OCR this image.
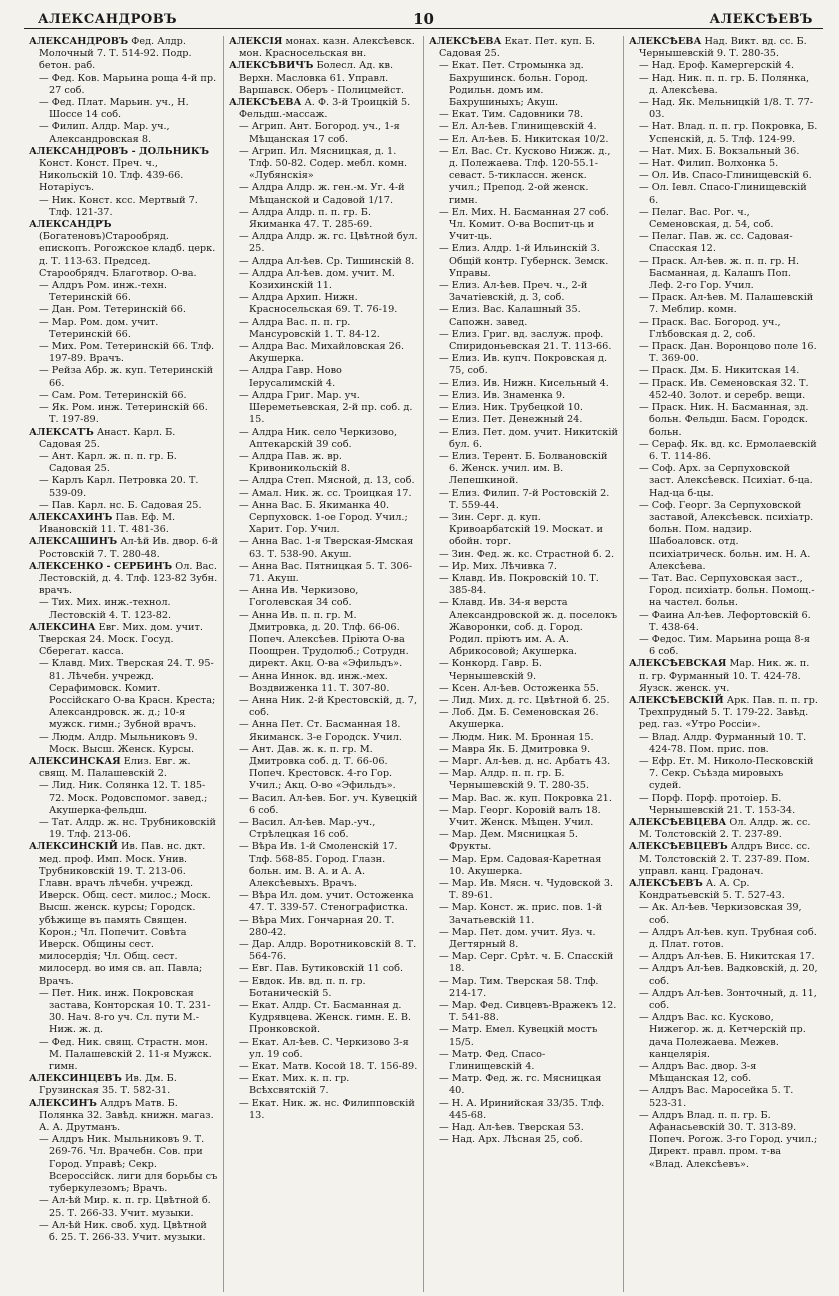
АЛЕКСАНДРОВЪ	10	АЛЕКСѢЕВЪ

АЛЕКСАНДРОВЪ Фед. Алдр. Молочный 7. Т. 514-92. Подр. бетон. раб.

— Фед. Ков. Марьина роща 4-й пр. 27 соб.

— Фед. Плат. Марьин. уч., Н. Шоссе 14 соб.

— Филип. Алдр. Мар. уч., Александровская 8.

АЛЕКСАНДРОВЪ - ДОЛЬНИКЪ Конст. Конст. Преч. ч., Никольскій 10. Тлф. 439-66. Нотаріусъ.

— Ник. Конст. ксс. Мертвый 7. Тлф. 121-37.

АЛЕКСАНДРЪ (Богатеновъ)Старообряд. епископъ. Рогожское кладб. церк. д. Т. 113-63. Председ. Старообрядч. Благотвор. О-ва.

— Алдръ Ром. инж.-техн. Тетеринскій 66.

— Дан. Ром. Тетеринскій 66.

— Мар. Ром. дом. учит. Тетеринскій 66.

— Мих. Ром. Тетеринскій 66. Тлф. 197-89. Врачъ.

— Рейза Абр. ж. куп. Тетеринскій 66.

— Сам. Ром. Тетеринскій 66.

— Як. Ром. инж. Тетеринскій 66. Т. 197-89.

АЛЕКСАТЪ Анаст. Карл. Б. Садовая 25.

— Ант. Карл. ж. п. п. гр. Б. Садовая 25.

— Карлъ Карл. Петровка 20. Т. 539-09.

— Пав. Карл. нс. Б. Садовая 25.

АЛЕКСАХИНЪ Пав. Еф. М. Ивановскій 11. Т. 481-36.

АЛЕКСАШИНЪ Ал-ѣй Ив. двор. 6-й Ростовскій 7. Т. 280-48.

АЛЕКСЕНКО - СЕРБИНЪ Ол. Вас. Лестовскій, д. 4. Тлф. 123-82 Зубн. врачъ.

— Тих. Мих. инж.-технол. Лестовскій 4. Т. 123-82.

АЛЕКСИНА Евг. Мих. дом. учит. Тверская 24. Моск. Госуд. Сберегат. касса.

— Клавд. Мих. Тверская 24. Т. 95-81. Лѣчебн. учрежд. Серафимовск. Комит. Россійскаго О-ва Красн. Креста; Александровск. ж. д.; 10-я мужск. гимн.; Зубной врачъ.

— Людм. Алдр. Мыльниковъ 9. Моск. Высш. Женск. Курсы.

АЛЕКСИНСКАЯ Елиз. Евг. ж. свящ. М. Палашевскій 2.

— Лид. Ник. Солянка 12. Т. 185-72. Моск. Родовспомог. завед.; Акушерка-фельдш.

— Тат. Алдр. ж. нс. Трубниковскій 19. Тлф. 213-06.

АЛЕКСИНСКІЙ Ив. Пав. нс. дкт. мед. проф. Имп. Моск. Унив. Трубниковскій 19. Т. 213-06. Главн. врачъ лѣчебн. учрежд. Иверск. Общ. сест. милос.; Моск. Высш. женск. курсы; Городск. убѣжище въ память Священ. Корон.; Чл. Попечит. Совѣта Иверск. Общины сест. милосердія; Чл. Общ. сест. милосерд. во имя св. ап. Павла; Врачъ.

— Пет. Ник. инж. Покровская застава, Конторская 10. Т. 231-30. Нач. 8-го уч. Сл. пути М.-Ниж. ж. д.

— Фед. Ник. свящ. Страстн. мон. М. Палашевскій 2. 11-я Мужск. гимн.

АЛЕКСИНЦЕВЪ Ив. Дм. Б. Грузинская 35. Т. 582-31.

АЛЕКСИНЪ Алдръ Матв. Б. Полянка 32. Завѣд. книжн. магаз. А. А. Друтманъ.

— Алдръ Ник. Мыльниковъ 9. Т. 269-76. Чл. Врачебн. Сов. при Город. Управѣ; Секр. Всероссійск. лиги для борьбы съ туберкулезомъ; Врачъ.

— Ал-ѣй Мир. к. п. гр. Цвѣтной б. 25. Т. 266-33. Учит. музыки.

— Ал-ѣй Ник. своб. худ. Цвѣтной б. 25. Т. 266-33. Учит. музыки.

АЛЕКСІЯ монах. казн. Алексѣевск. мон. Красносельская вн.

АЛЕКСѢВИЧЪ Болесл. Ад. кв. Верхн. Масловка 61. Управл. Варшавск. Оберъ - Полицмейст.

АЛЕКСѢЕВА А. Ф. 3-й Троицкій 5. Фельдш.-массаж.

— Агрип. Ант. Богород. уч., 1-я Мѣщанская 17 соб.

— Агрип. Ил. Мясницкая, д. 1. Тлф. 50-82. Содер. мебл. комн. «Лубянскія»

— Алдра Алдр. ж. ген.-м. Уг. 4-й Мѣщанской и Садовой 1/17.

— Алдра Алдр. п. п. гр. Б. Якиманка 47. Т. 285-69.

— Алдра Алдр. ж. гс. Цвѣтной бул. 25.

— Алдра Ал-ѣев. Ср. Тишинскій 8.

— Алдра Ал-ѣев. дом. учит. М. Козихинскій 11.

— Алдра Архип. Нижн. Красносельская 69. Т. 76-19.

— Алдра Вас. п. п. гр. Мансуровскій 1. Т. 84-12.

— Алдра Вас. Михайловская 26. Акушерка.

— Алдра Гавр. Ново Іерусалимскій 4.

— Алдра Григ. Мар. уч. Шереметьевская, 2-й пр. соб. д. 15.

— Алдра Ник. село Черкизово, Аптекарскій 39 соб.

— Алдра Пав. ж. вр. Кривоникольскій 8.

— Алдра Степ. Мясной, д. 13, соб.

— Амал. Ник. ж. сс. Троицкая 17.

— Анна Вас. Б. Якиманка 40. Серпуховск. 1-ое Город. Учил.; Харит. Гор. Учил.

— Анна Вас. 1-я Тверская-Ямская 63. Т. 538-90. Акуш.

— Анна Вас. Пятницкая 5. Т. 306-71. Акуш.

— Анна Ив. Черкизово, Гоголевская 34 соб.

— Анна Ив. п. п. гр. М. Дмитровка, д. 20. Тлф. 66-06. Попеч. Алексѣев. Пріюта О-ва Поощрен. Трудолюб.; Сотрудн. директ. Акц. О-ва «Эфильдъ».

— Анна Иннок. вд. инж.-мех. Воздвиженка 11. Т. 307-80.

— Анна Ник. 2-й Крестовскій, д. 7, соб.

— Анна Пет. Ст. Басманная 18. Якиманск. 3-е Городск. Учил.

— Ант. Дав. ж. к. п. гр. М. Дмитровка соб. д. Т. 66-06. Попеч. Крестовск. 4-го Гор. Учил.; Акц. О-во «Эфильдъ».

— Васил. Ал-ѣев. Бог. уч. Кувецкій 6 соб.

— Васил. Ал-ѣев. Мар.-уч., Стрѣлецкая 16 соб.

— Вѣра Ив. 1-й Смоленскій 17. Тлф. 568-85. Город. Глазн. больн. им. В. А. и А. А. Алексѣевыхъ. Врачъ.

— Вѣра Ил. дом. учит. Остоженка 47. Т. 339-57. Стенографистка.

— Вѣра Мих. Гончарная 20. Т. 280-42.

— Дар. Алдр. Воротниковскій 8. Т. 564-76.

— Евг. Пав. Бутиковскій 11 соб.

— Евдок. Ив. вд. п. п. гр. Ботаническій 5.

— Екат. Алдр. Ст. Басманная д. Кудрявцева. Женск. гимн. Е. В. Пронковской.

— Екат. Ал-ѣев. С. Черкизово 3-я ул. 19 соб.

— Екат. Матв. Косой 18. Т. 156-89.

— Екат. Мих. к. п. гр. Всѣхсвятскій 7.

— Екат. Ник. ж. нс. Филипповскій 13.

АЛЕКСѢЕВА Екат. Пет. куп. Б. Садовая 25.

— Екат. Пет. Стромынка зд. Бахрушинск. больн. Город. Родильн. домъ им. Бахрушиныхъ; Акуш.

— Екат. Тим. Садовники 78.

— Ел. Ал-ѣев. Глинищевскій 4.

— Ел. Ал-ѣев. Б. Никитская 10/2.

— Ел. Вас. Ст. Кусково Нижж. д., д. Полежаева. Тлф. 120-55.1-севаст. 5-тиклассн. женск. учил.; Препод. 2-ой женск. гимн.

— Ел. Мих. Н. Басманная 27 соб. Чл. Комит. О-ва Воспит-ць и Учит-ць.

— Елиз. Алдр. 1-й Ильинскій 3. Общій контр. Губернск. Земск. Управы.

— Елиз. Ал-ѣев. Преч. ч., 2-й Зачатіевскій, д. 3, соб.

— Елиз. Вас. Калашный 35. Сапожн. завед.

— Елиз. Григ. вд. заслуж. проф. Спиридоньевская 21. Т. 113-66.

— Елиз. Ив. купч. Покровская д. 75, соб.

— Елиз. Ив. Нижн. Кисельный 4.

— Елиз. Ив. Знаменка 9.

— Елиз. Ник. Трубецкой 10.

— Елиз. Пет. Денежный 24.

— Елиз. Пет. дом. учит. Никитскій бул. 6.

— Елиз. Терент. Б. Болвановскій 6. Женск. учил. им. В. Лепешкиной.

— Елиз. Филип. 7-й Ростовскій 2. Т. 559-44.

— Зин. Серг. д. куп. Кривоарбатскій 19. Москат. и обойн. торг.

— Зин. Фед. ж. кс. Страстной б. 2.

— Ир. Мих. Лѣчивка 7.

— Клавд. Ив. Покровскій 10. Т. 385-84.

— Клавд. Ив. 34-я верста Александровской ж. д. поселокъ Жаворонки, соб. д. Город. Родил. пріютъ им. А. А. Абрикосовой; Акушерка.

— Конкорд. Гавр. Б. Чернышевскій 9.

— Ксен. Ал-ѣев. Остоженка 55.

— Лид. Мих. д. гс. Цвѣтной б. 25.

— Лоб. Дм. Б. Семеновская 26. Акушерка.

— Людм. Ник. М. Бронная 15.

— Мавра Як. Б. Дмитровка 9.

— Марг. Ал-ѣев. д. нс. Арбатъ 43.

— Мар. Алдр. п. п. гр. Б. Чернышевскій 9. Т. 280-35.

— Мар. Вас. ж. куп. Покровка 21.

— Мар. Георг. Коровій валъ 18. Учит. Женск. Мѣщен. Учил.

— Мар. Дем. Мясницкая 5. Фрукты.

— Мар. Ерм. Садовая-Каретная 10. Акушерка.

— Мар. Ив. Мясн. ч. Чудовской 3. Т. 89-61.

— Мар. Конст. ж. прис. пов. 1-й Зачатьевскій 11.

— Мар. Пет. дом. учит. Яуз. ч. Дегтярный 8.

— Мар. Серг. Срѣт. ч. Б. Спасскій 18.

— Мар. Тим. Тверская 58. Тлф. 214-17.

— Мар. Фед. Сивцевъ-Вражекъ 12. Т. 541-88.

— Матр. Емел. Кувецкій мостъ 15/5.

— Матр. Фед. Спасо-Глинищевскій 4.

— Матр. Фед. ж. гс. Мясницкая 40.

— Н. А. Иринийская 33/35. Тлф. 445-68.

— Над. Ал-ѣев. Тверская 53.

— Над. Арх. Лѣсная 25, соб.

АЛЕКСѢЕВА Над. Викт. вд. сс. Б. Чернышевскій 9. Т. 280-35.

— Над. Ероф. Камергерскій 4.

— Над. Ник. п. п. гр. Б. Полянка, д. Алексѣева.

— Над. Як. Мельницкій 1/8. Т. 77-03.

— Нат. Влад. п. п. гр. Покровка, Б. Успенскій, д. 5. Тлф. 124-99.

— Нат. Мих. Б. Вокзальный 36.

— Нат. Филип. Волхонка 5.

— Ол. Ив. Спасо-Глинищевскій 6.

— Ол. Іевл. Спасо-Глинищевскій 6.

— Пелаг. Вас. Рог. ч., Семеновская, д. 54, соб.

— Пелаг. Пав. ж. сс. Садовая-Спасская 12.

— Праск. Ал-ѣев. ж. п. п. гр. Н. Басманная, д. Калашъ Поп. Леф. 2-го Гор. Учил.

— Праск. Ал-ѣев. М. Палашевскій 7. Меблир. комн.

— Праск. Вас. Богород. уч., Глѣбовская д. 2, соб.

— Праск. Дан. Воронцово поле 16. Т. 369-00.

— Праск. Дм. Б. Никитская 14.

— Праск. Ив. Семеновская 32. Т. 452-40. Золот. и серебр. вещи.

— Праск. Ник. Н. Басманная, зд. больн. Фельдш. Басм. Городск. больн.

— Сераф. Як. вд. кс. Ермолаевскій 6. Т. 114-86.

— Соф. Арх. за Серпуховской заст. Алексѣевск. Психіат. б-ца. Над-ца б-цы.

— Соф. Георг. За Серпуховской заставой, Алексѣевск. психіатр. больн. Пом. надзир. Шабоаловск. отд. психіатрическ. больн. им. Н. А. Алексѣева.

— Тат. Вас. Серпуховская заст., Город. психіатр. больн. Помощ.-на частел. больн.

— Фаина Ал-ѣев. Лефортовскій 6. Т. 438-64.

— Федос. Тим. Марьина роща 8-я 6 соб.

АЛЕКСѢЕВСКАЯ Мар. Ник. ж. п. п. гр. Фурманный 10. Т. 424-78. Яузск. женск. уч.

АЛЕКСѢЕВСКІЙ Арк. Пав. п. п. гр. Трехпрудный 5. Т. 179-22. Завѣд. ред. газ. «Утро Россіи».

— Влад. Алдр. Фурманный 10. Т. 424-78. Пом. прис. пов.

— Ефр. Ет. М. Николо-Песковскій 7. Секр. Съѣзда мировыхъ судей.

— Порф. Порф. протоіер. Б. Чернышевскій 21. Т. 153-34.

АЛЕКСѢЕВЦЕВА Ол. Алдр. ж. сс. М. Толстовскій 2. Т. 237-89.

АЛЕКСѢЕВЦЕВЪ Алдръ Висс. сс. М. Толстовскій 2. Т. 237-89. Пом. управл. канц. Градонач.

АЛЕКСѢЕВЪ А. А. Ср. Кондратьевскій 5. Т. 527-43.

— Ак. Ал-ѣев. Черкизовская 39, соб.

— Алдръ Ал-ѣев. куп. Трубная соб. д. Плат. готов.

— Алдръ Ал-ѣев. Б. Никитская 17.

— Алдръ Ал-ѣев. Вадковскій, д. 20, соб.

— Алдръ Ал-ѣев. Зонточный, д. 11, соб.

— Алдръ Вас. кс. Кусково, Нижегор. ж. д. Кетчерскій пр. дача Полежаева. Межев. канцелярія.

— Алдръ Вас. двор. 3-я Мѣщанская 12, соб.

— Алдръ Вас. Маросейка 5. Т. 523-31.

— Алдръ Влад. п. п. гр. Б. Афанасьевскій 30. Т. 313-89. Попеч. Рогож. 3-го Город. учил.; Директ. правл. пром. т-ва «Влад. Алексѣевъ».
